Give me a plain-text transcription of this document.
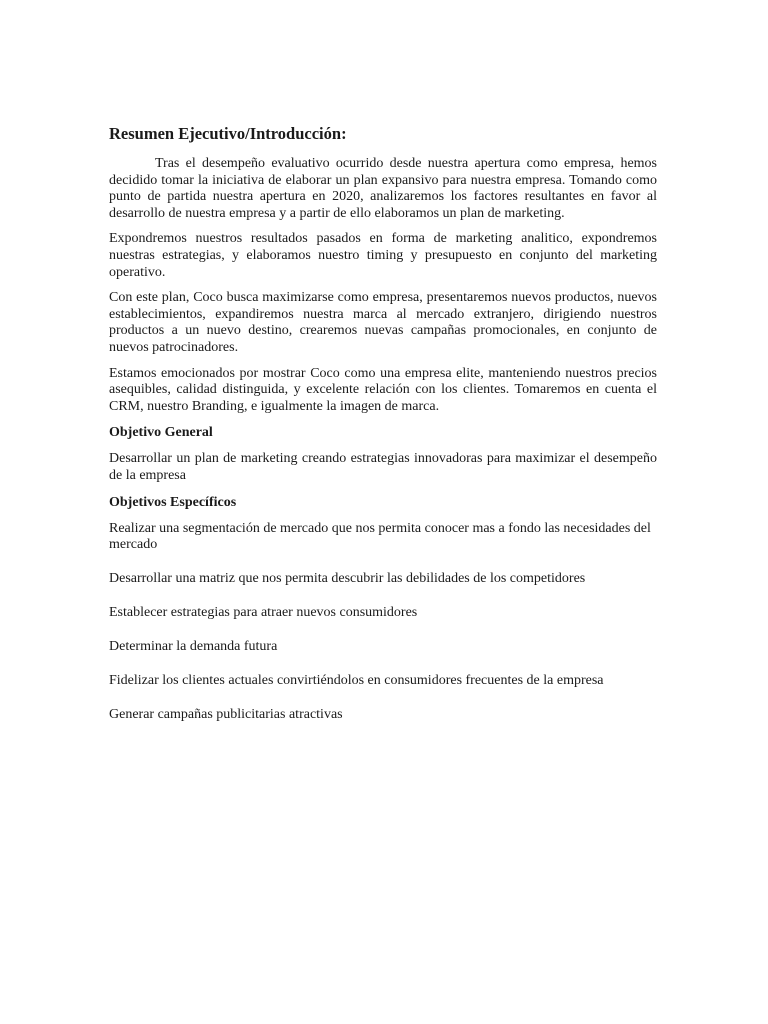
Resumen Ejecutivo/Introducción:

Tras el desempeño evaluativo ocurrido desde nuestra apertura como empresa, hemos decidido tomar la iniciativa de elaborar un plan expansivo para nuestra empresa. Tomando como punto de partida nuestra apertura en 2020, analizaremos los factores resultantes en favor al desarrollo de nuestra empresa y a partir de ello elaboramos un plan de marketing.

Expondremos nuestros resultados pasados en forma de marketing analitico, expondremos nuestras estrategias, y elaboramos nuestro timing y presupuesto en conjunto del marketing operativo.

Con este plan, Coco busca maximizarse como empresa, presentaremos nuevos productos, nuevos establecimientos, expandiremos nuestra marca al mercado extranjero, dirigiendo nuestros productos a un nuevo destino, crearemos nuevas campañas promocionales, en conjunto de nuevos patrocinadores.

Estamos emocionados por mostrar Coco como una empresa elite, manteniendo nuestros precios asequibles, calidad distinguida, y excelente relación con los clientes. Tomaremos en cuenta el CRM, nuestro Branding, e igualmente la imagen de marca.

Objetivo General

Desarrollar un plan de marketing creando estrategias innovadoras para maximizar el desempeño de la empresa

Objetivos Específicos
Realizar una segmentación de mercado que nos permita conocer mas a fondo las necesidades del mercado
Desarrollar una matriz que nos permita descubrir las debilidades de los competidores
Establecer estrategias para atraer nuevos consumidores
Determinar la demanda futura
Fidelizar los clientes actuales convirtiéndolos en consumidores frecuentes de la empresa
Generar campañas publicitarias atractivas
